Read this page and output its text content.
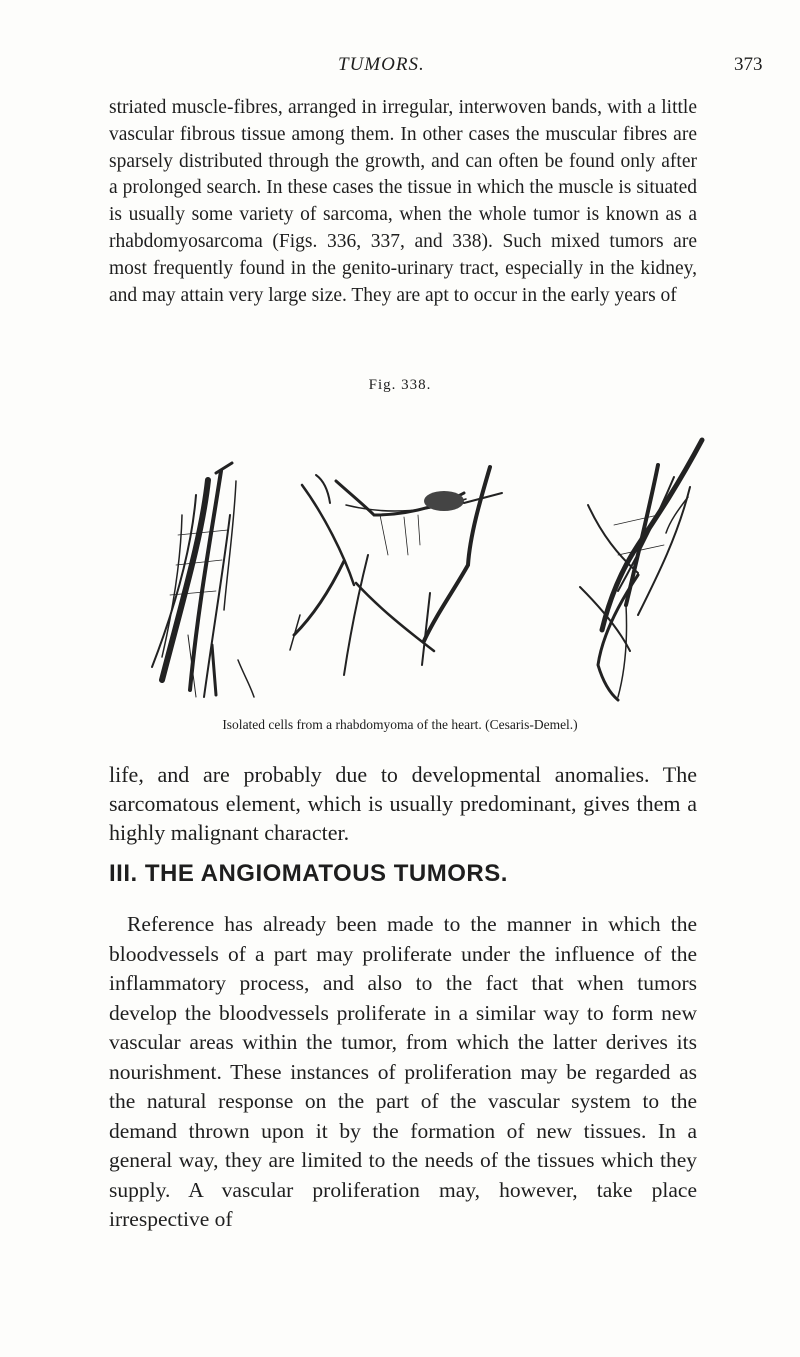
TUMORS.	373

striated muscle-fibres, arranged in irregular, interwoven bands, with a little vascular fibrous tissue among them. In other cases the muscular fibres are sparsely distributed through the growth, and can often be found only after a prolonged search. In these cases the tissue in which the muscle is situated is usually some variety of sarcoma, when the whole tumor is known as a rhabdomyosarcoma (Figs. 336, 337, and 338). Such mixed tumors are most frequently found in the genito-urinary tract, especially in the kidney, and may attain very large size. They are apt to occur in the early years of

Fig. 338.
Isolated cells from a rhabdomyoma of the heart. (Cesaris-Demel.)

life, and are probably due to developmental anomalies. The sarcomatous element, which is usually predominant, gives them a highly malignant character.

III. THE ANGIOMATOUS TUMORS.

Reference has already been made to the manner in which the bloodvessels of a part may proliferate under the influence of the inflammatory process, and also to the fact that when tumors develop the bloodvessels proliferate in a similar way to form new vascular areas within the tumor, from which the latter derives its nourishment. These instances of proliferation may be regarded as the natural response on the part of the vascular system to the demand thrown upon it by the formation of new tissues. In a general way, they are limited to the needs of the tissues which they supply. A vascular proliferation may, however, take place irrespective of
